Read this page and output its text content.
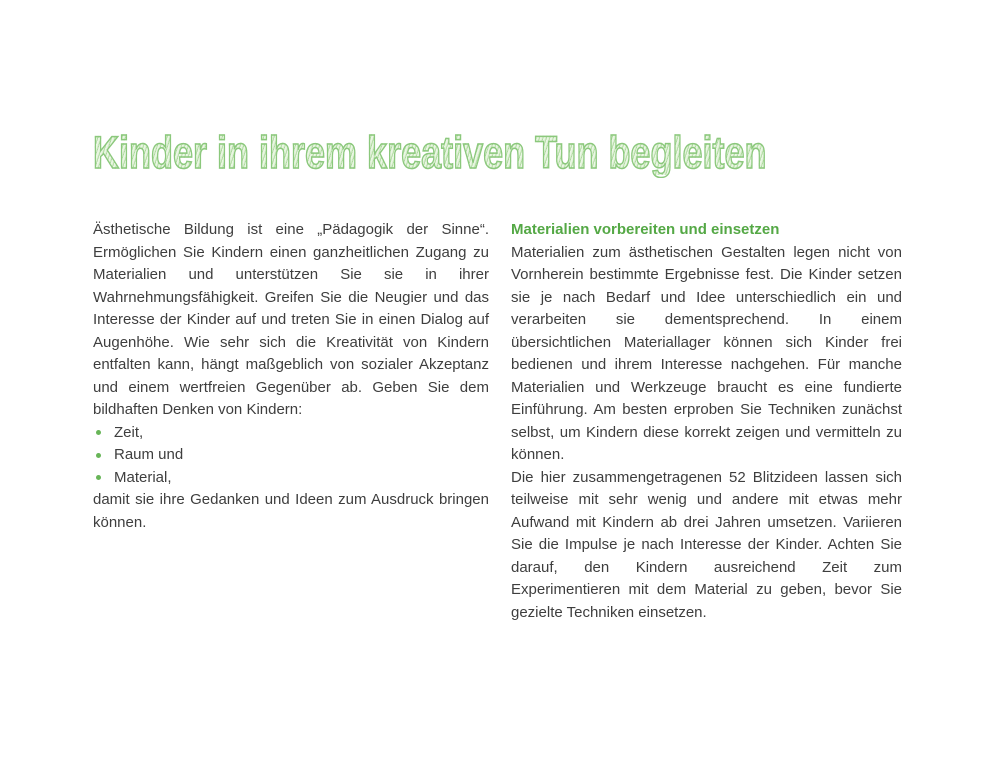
Kinder in ihrem kreativen Tun begleiten

Ästhetische Bildung ist eine „Pädagogik der Sinne“. Ermöglichen Sie Kindern einen ganzheitlichen Zugang zu Materialien und unterstützen Sie sie in ihrer Wahrnehmungsfähigkeit. Greifen Sie die Neugier und das Interesse der Kinder auf und treten Sie in einen Dialog auf Augenhöhe. Wie sehr sich die Kreativität von Kindern entfalten kann, hängt maßgeblich von sozialer Akzeptanz und einem wertfreien Gegenüber ab. Geben Sie dem bildhaften Denken von Kindern:

Zeit,
Raum und
Material,

damit sie ihre Gedanken und Ideen zum Ausdruck bringen können.

Materialien vorbereiten und einsetzen

Materialien zum ästhetischen Gestalten legen nicht von Vornherein bestimmte Ergebnisse fest. Die Kinder setzen sie je nach Bedarf und Idee unterschiedlich ein und verarbeiten sie dementsprechend. In einem übersichtlichen Materiallager können sich Kinder frei bedienen und ihrem Interesse nachgehen. Für manche Materialien und Werkzeuge braucht es eine fundierte Einführung. Am besten erproben Sie Techniken zunächst selbst, um Kindern diese korrekt zeigen und vermitteln zu können.

Die hier zusammengetragenen 52 Blitzideen lassen sich teilweise mit sehr wenig und andere mit etwas mehr Aufwand mit Kindern ab drei Jahren umsetzen. Variieren Sie die Impulse je nach Interesse der Kinder. Achten Sie darauf, den Kindern ausreichend Zeit zum Experimentieren mit dem Material zu geben, bevor Sie gezielte Techniken einsetzen.
